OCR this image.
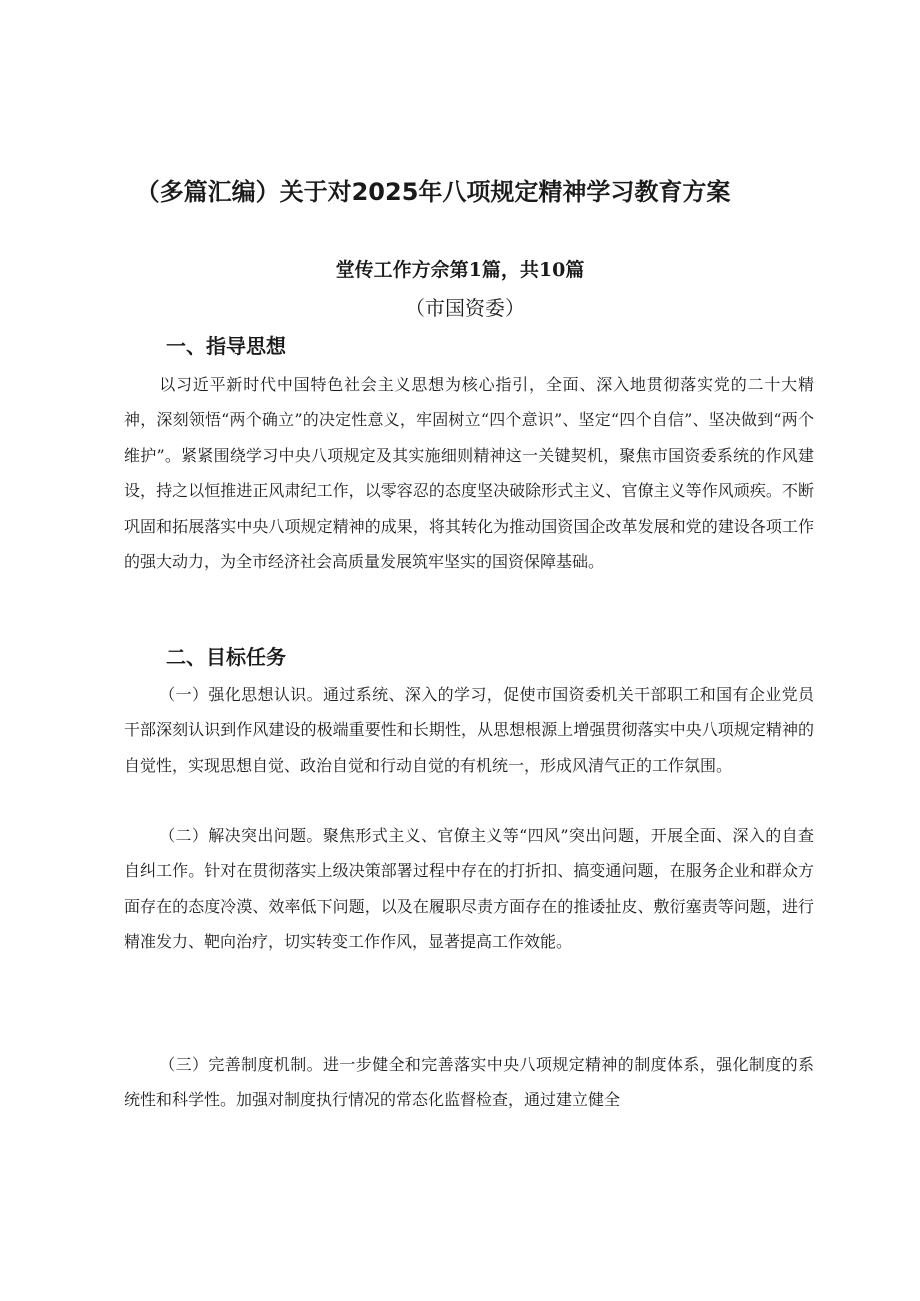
（多篇汇编）关于对2025年八项规定精神学习教育方案
堂传工作方佘第1篇，共10篇
（市国资委）
一、指导思想

以习近平新时代中国特色社会主义思想为核心指引，全面、深入地贯彻落实党的二十大精神，深刻领悟“两个确立”的决定性意义，牢固树立“四个意识”、坚定“四个自信”、坚决做到“两个维护”。紧紧围绕学习中央八项规定及其实施细则精神这一关键契机，聚焦市国资委系统的作风建设，持之以恒推进正风肃纪工作，以零容忍的态度坚决破除形式主义、官僚主义等作风顽疾。不断巩固和拓展落实中央八项规定精神的成果，将其转化为推动国资国企改革发展和党的建设各项工作的强大动力，为全市经济社会高质量发展筑牢坚实的国资保障基础。

二、目标任务

（一）强化思想认识。通过系统、深入的学习，促使市国资委机关干部职工和国有企业党员干部深刻认识到作风建设的极端重要性和长期性，从思想根源上增强贯彻落实中央八项规定精神的自觉性，实现思想自觉、政治自觉和行动自觉的有机统一，形成风清气正的工作氛围。

（二）解决突出问题。聚焦形式主义、官僚主义等“四风”突出问题，开展全面、深入的自查自纠工作。针对在贯彻落实上级决策部署过程中存在的打折扣、搞变通问题，在服务企业和群众方面存在的态度冷漠、效率低下问题，以及在履职尽责方面存在的推诿扯皮、敷衍塞责等问题，进行精准发力、靶向治疗，切实转变工作作风，显著提高工作效能。

（三）完善制度机制。进一步健全和完善落实中央八项规定精神的制度体系，强化制度的系统性和科学性。加强对制度执行情况的常态化监督检查，通过建立健全
